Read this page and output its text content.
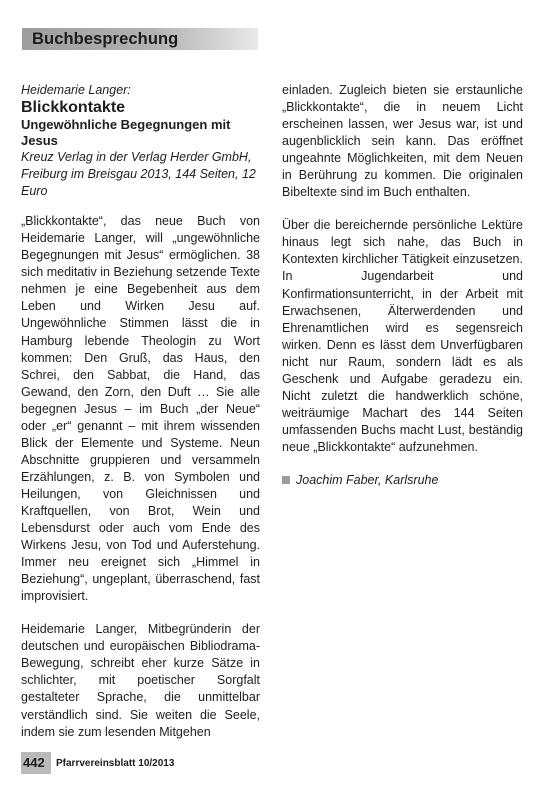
Buchbesprechung
Heidemarie Langer:
Blickkontakte
Ungewöhnliche Begegnungen mit Jesus
Kreuz Verlag in der Verlag Herder GmbH, Freiburg im Breisgau 2013, 144 Seiten, 12 Euro

„Blickkontakte“, das neue Buch von Heidemarie Langer, will „ungewöhnliche Begegnungen mit Jesus“ ermöglichen. 38 sich meditativ in Beziehung setzende Texte nehmen je eine Begebenheit aus dem Leben und Wirken Jesu auf. Ungewöhnliche Stimmen lässt die in Hamburg lebende Theologin zu Wort kommen: Den Gruß, das Haus, den Schrei, den Sabbat, die Hand, das Gewand, den Zorn, den Duft … Sie alle begegnen Jesus – im Buch „der Neue“ oder „er“ genannt – mit ihrem wissenden Blick der Elemente und Systeme. Neun Abschnitte gruppieren und versammeln Erzählungen, z. B. von Symbolen und Heilungen, von Gleichnissen und Kraftquellen, von Brot, Wein und Lebensdurst oder auch vom Ende des Wirkens Jesu, von Tod und Auferstehung. Immer neu ereignet sich „Himmel in Beziehung“, ungeplant, überraschend, fast improvisiert.

Heidemarie Langer, Mitbegründerin der deutschen und europäischen Bibliodrama-Bewegung, schreibt eher kurze Sätze in schlichter, mit poetischer Sorgfalt gestalteter Sprache, die unmittelbar verständlich sind. Sie weiten die Seele, indem sie zum lesenden Mitgehen

einladen. Zugleich bieten sie erstaunliche „Blickkontakte“, die in neuem Licht erscheinen lassen, wer Jesus war, ist und augenblicklich sein kann. Das eröffnet ungeahnte Möglichkeiten, mit dem Neuen in Berührung zu kommen. Die originalen Bibeltexte sind im Buch enthalten.

Über die bereichernde persönliche Lektüre hinaus legt sich nahe, das Buch in Kontexten kirchlicher Tätigkeit einzusetzen. In Jugendarbeit und Konfirmationsunterricht, in der Arbeit mit Erwachsenen, Älterwerdenden und Ehrenamtlichen wird es segensreich wirken. Denn es lässt dem Unverfügbaren nicht nur Raum, sondern lädt es als Geschenk und Aufgabe geradezu ein. Nicht zuletzt die handwerklich schöne, weiträumige Machart des 144 Seiten umfassenden Buchs macht Lust, beständig neue „Blickkontakte“ aufzunehmen.

Joachim Faber, Karlsruhe
442 Pfarrvereinsblatt 10/2013
